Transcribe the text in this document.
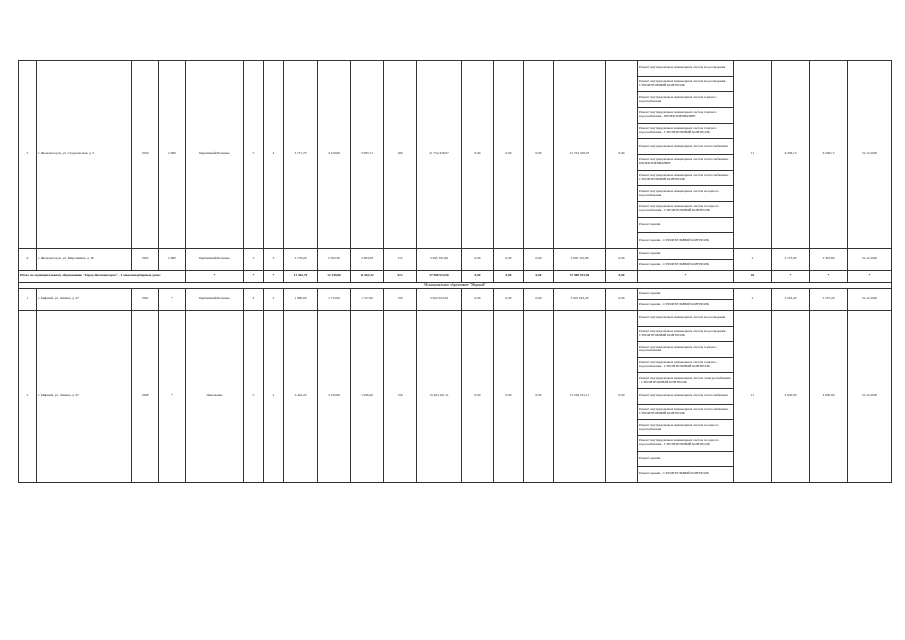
5	г. Железногорск, ул. Студенческая, д. 5	1959	2 090	Кирпичный/Блочные	5	4	3 771,70	3 419,90	3 095,71	160	21 754 326,07	0,00	0,00	0,00	21 754 326,07	0,00	Ремонт внутридомовых инженерных систем водоотведения	11	6 239,13	6 256,13	31.12.2020
																	Ремонт внутридомовых инженерных систем водоотведения - СТРОИТЕЛЬНЫЙ КОНТРОЛЬ				
																	Ремонт внутридомовых инженерных систем горячего водоснабжения				
																	Ремонт внутридомовых инженерных систем горячего водоснабжения - ПРОЕКТИРОВАНИЕ				
																	Ремонт внутридомовых инженерных систем горячего водоснабжения - СТРОИТЕЛЬНЫЙ КОНТРОЛЬ				
																	Ремонт внутридомовых инженерных систем теплоснабжения				
																	Ремонт внутридомовых инженерных систем теплоснабжения - ПРОЕКТИРОВАНИЕ				
																	Ремонт внутридомовых инженерных систем теплоснабжения - СТРОИТЕЛЬНЫЙ КОНТРОЛЬ				
																	Ремонт внутридомовых инженерных систем холодного водоснабжения				
																	Ремонт внутридомовых инженерных систем холодного водоснабжения - СТРОИТЕЛЬНЫЙ КОНТРОЛЬ				
																	Ремонт крыши				
																	Ремонт крыши - СТРОИТЕЛЬНЫЙ КОНТРОЛЬ				
6	г. Железногорск, ул. Мирошника, д. 36	1965	2 060	Кирпичный/Блочные	5	3	2 779,00	2 502,30	2 284,58	112	5 095 191,96	0,00	0,00	0,00	5 095 191,96	0,00	Ремонт крыши	2	2 173,00	2 453,80	31.12.2020
																	Ремонт крыши - СТРОИТЕЛЬНЫЙ КОНТРОЛЬ				
Итого по муниципальному образованию "Город Железногорск" - 4 многоквартирных дома:				*	*	*	13 462,70	12 349,80	11 063,32	612	37 988 923,96	0,00	0,00	0,00	37 988 923,96	0,00	*	26	*	*	*
Муниципальное образование "Мирный"																					
1	г. Мирный, ул. Ленина, д. 47	1962	*	Кирпичный/Блочные	4	2	1 960,00	1 715,00	1 727,00	150	5 922 023,26	0,00	0,00	0,00	5 922 023,26	0,00	Ремонт крыши	2	2 542,20	3 747,29	31.12.2020
																	Ремонт крыши - СТРОИТЕЛЬНЫЙ КОНТРОЛЬ				
2	г. Мирный, ул. Ленина, д. 67	1968	*	Панельные	5	2	3 443,20	3 120,60	1 946,20	156	15 264 161,11	0,00	0,00	0,00	15 264 161,11	0,00	Ремонт внутридомовых инженерных систем водоотведения	11	4 930,00	4 930,00	31.12.2020
																	Ремонт внутридомовых инженерных систем водоотведения - СТРОИТЕЛЬНЫЙ КОНТРОЛЬ				
																	Ремонт внутридомовых инженерных систем горячего водоснабжения				
																	Ремонт внутридомовых инженерных систем горячего водоснабжения - СТРОИТЕЛЬНЫЙ КОНТРОЛЬ				
																	Ремонт внутридомовых инженерных систем электроснабжения - СТРОИТЕЛЬНЫЙ КОНТРОЛЬ				
																	Ремонт внутридомовых инженерных систем теплоснабжения				
																	Ремонт внутридомовых инженерных систем теплоснабжения - СТРОИТЕЛЬНЫЙ КОНТРОЛЬ				
																	Ремонт внутридомовых инженерных систем холодного водоснабжения				
																	Ремонт внутридомовых инженерных систем холодного водоснабжения - СТРОИТЕЛЬНЫЙ КОНТРОЛЬ				
																	Ремонт крыши				
																	Ремонт крыши - СТРОИТЕЛЬНЫЙ КОНТРОЛЬ				
